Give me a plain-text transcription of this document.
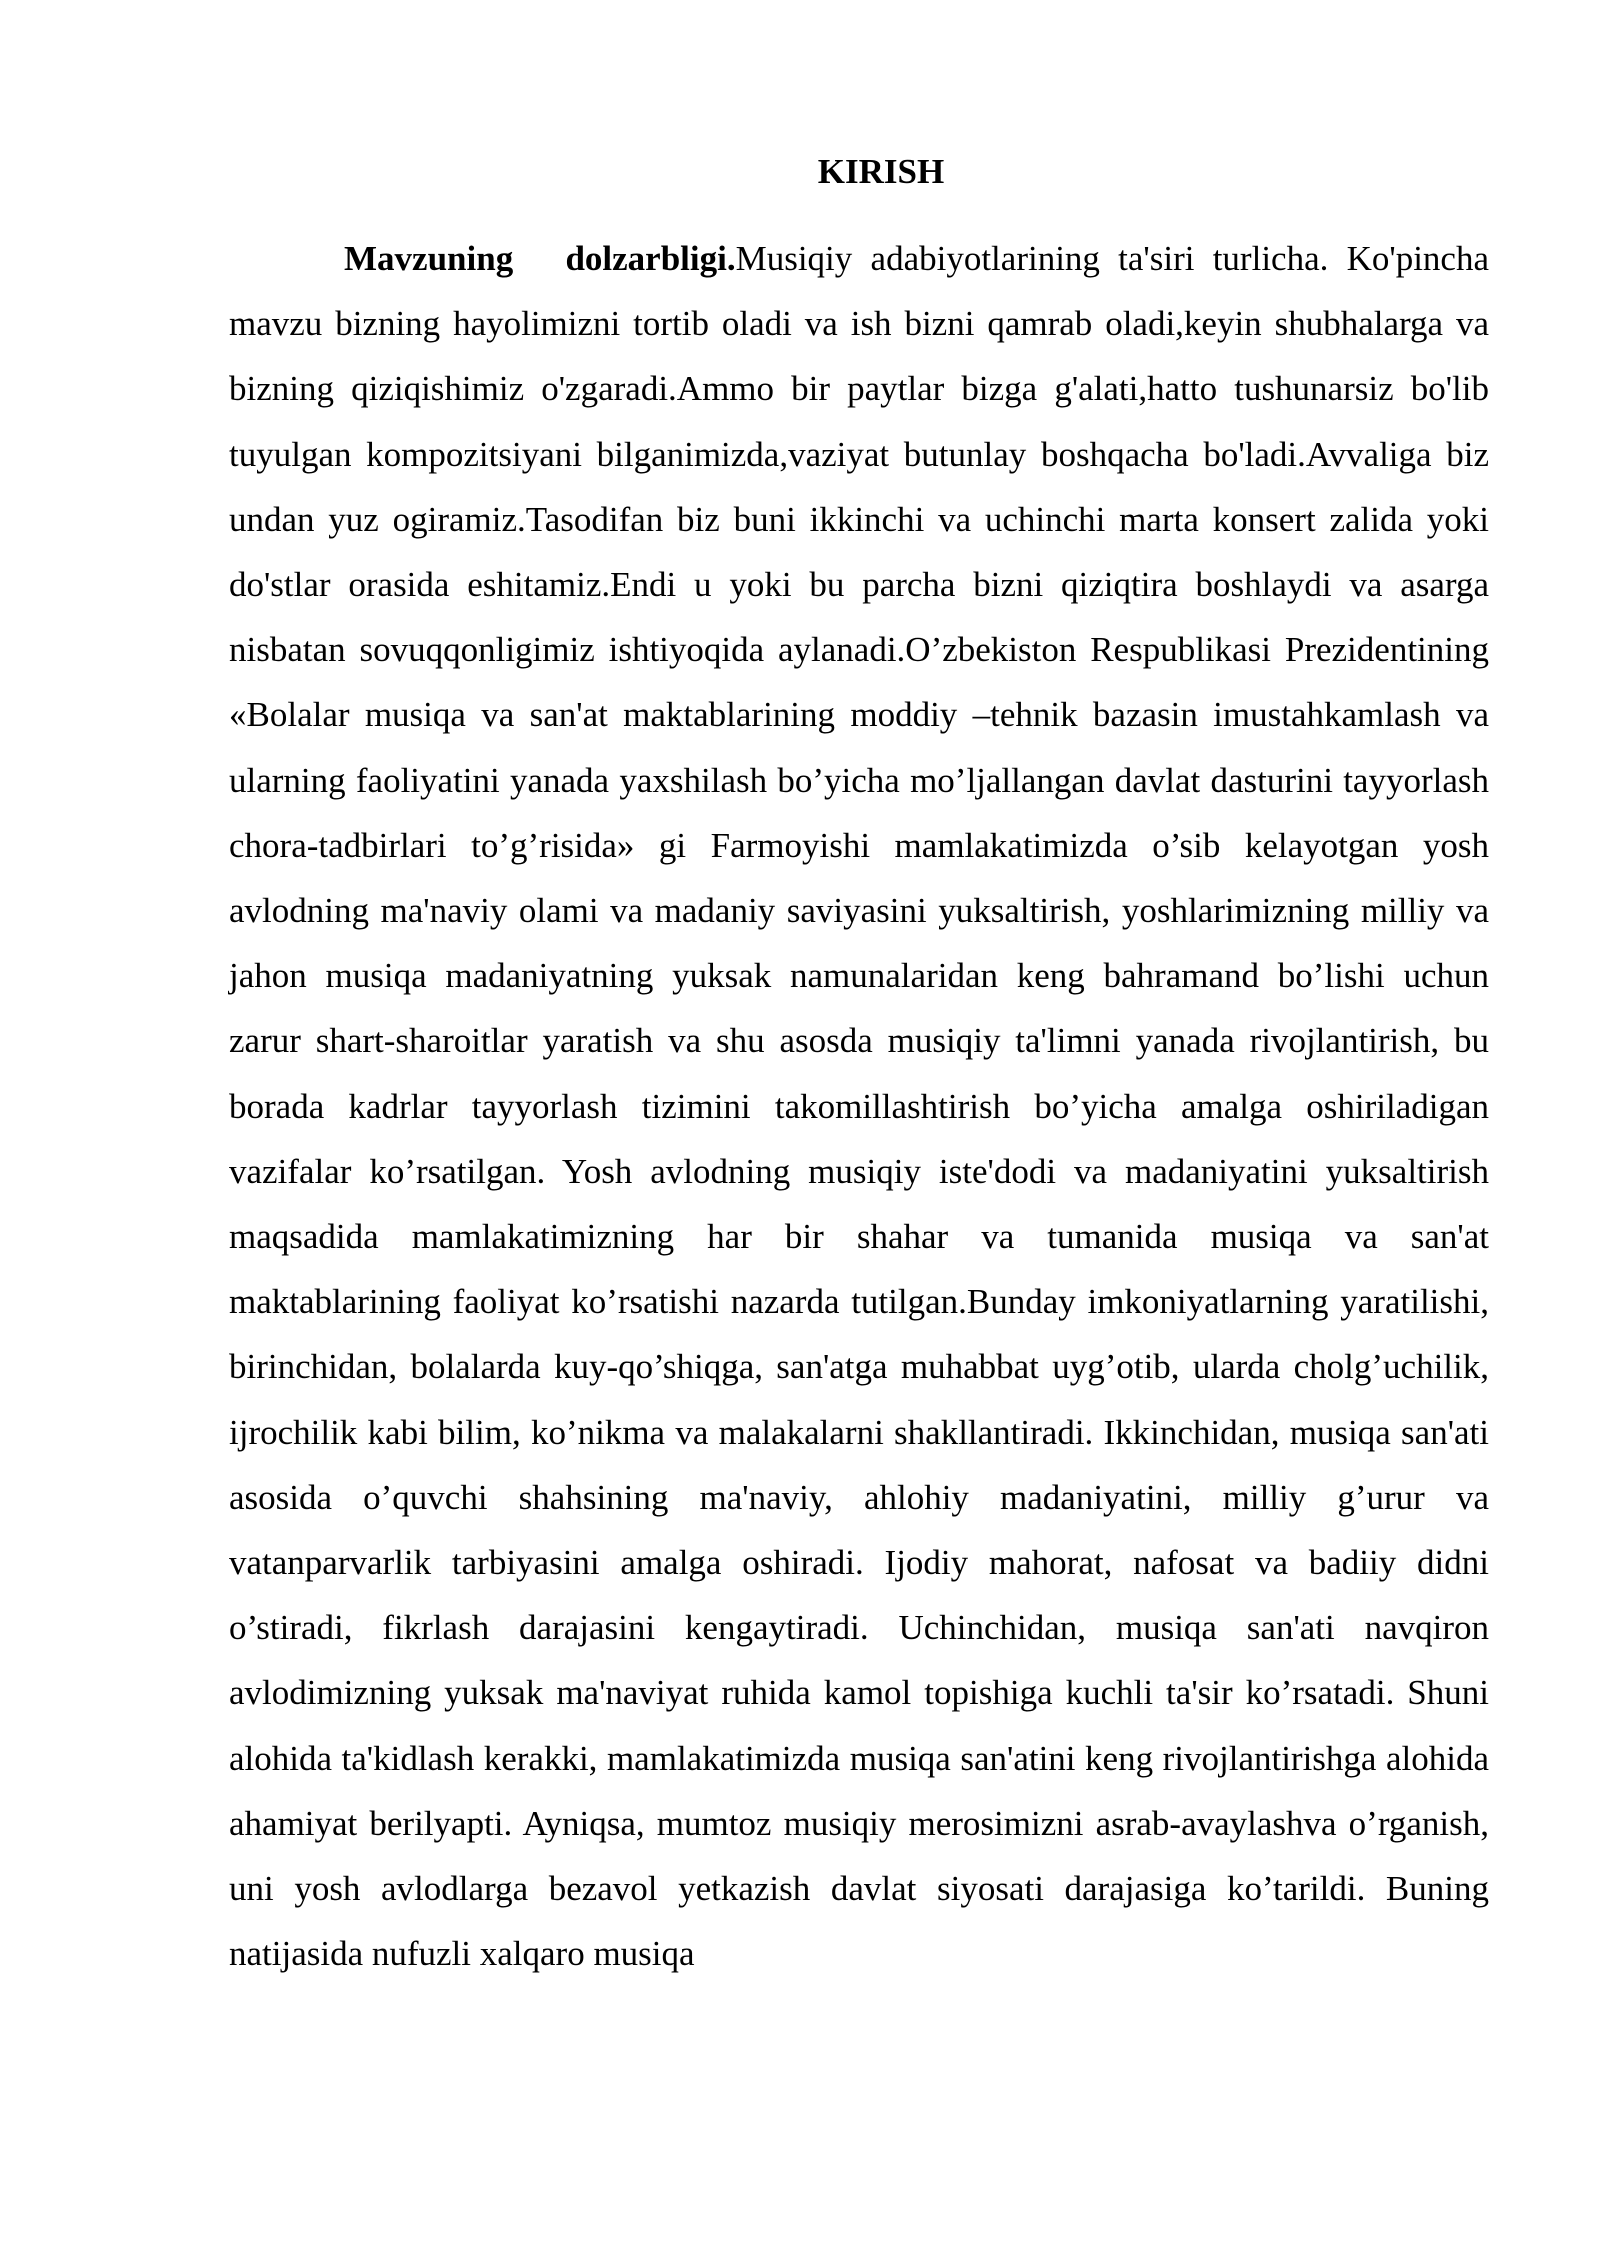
KIRISH

Mavzuning dolzarbligi.Musiqiy adabiyotlarining ta'siri turlicha. Ko'pincha mavzu bizning hayolimizni tortib oladi va ish bizni qamrab oladi,keyin shubhalarga va bizning qiziqishimiz o'zgaradi.Ammo bir paytlar bizga g'alati,hatto tushunarsiz bo'lib tuyulgan kompozitsiyani bilganimizda,vaziyat butunlay boshqacha bo'ladi.Avvaliga biz undan yuz ogiramiz.Tasodifan biz buni ikkinchi va uchinchi marta konsert zalida yoki do'stlar orasida eshitamiz.Endi u yoki bu parcha bizni qiziqtira boshlaydi va asarga nisbatan sovuqqonligimiz ishtiyoqida aylanadi.O’zbekiston Respublikasi Prezidentining «Bolalar musiqa va san'at maktablarining moddiy –tehnik bazasin imustahkamlash va ularning faoliyatini yanada yaxshilash bo’yicha mo’ljallangan davlat dasturini tayyorlash chora-tadbirlari to’g’risida» gi Farmoyishi mamlakatimizda o’sib kelayotgan yosh avlodning ma'naviy olami va madaniy saviyasini yuksaltirish, yoshlarimizning milliy va jahon musiqa madaniyatning yuksak namunalaridan keng bahramand bo’lishi uchun zarur shart-sharoitlar yaratish va shu asosda musiqiy ta'limni yanada rivojlantirish, bu borada kadrlar tayyorlash tizimini takomillashtirish bo’yicha amalga oshiriladigan vazifalar ko’rsatilgan. Yosh avlodning musiqiy iste'dodi va madaniyatini yuksaltirish maqsadida mamlakatimizning har bir shahar va tumanida musiqa va san'at maktablarining faoliyat ko’rsatishi nazarda tutilgan.Bunday imkoniyatlarning yaratilishi, birinchidan, bolalarda kuy-qo’shiqga, san'atga muhabbat uyg’otib, ularda cholg’uchilik, ijrochilik kabi bilim, ko’nikma va malakalarni shakllantiradi. Ikkinchidan, musiqa san'ati asosida o’quvchi shahsining ma'naviy, ahlohiy madaniyatini, milliy g’urur va vatanparvarlik tarbiyasini amalga oshiradi. Ijodiy mahorat, nafosat va badiiy didni o’stiradi, fikrlash darajasini kengaytiradi. Uchinchidan, musiqa san'ati navqiron avlodimizning yuksak ma'naviyat ruhida kamol topishiga kuchli ta'sir ko’rsatadi. Shuni alohida ta'kidlash kerakki, mamlakatimizda musiqa san'atini keng rivojlantirishga alohida ahamiyat berilyapti. Ayniqsa, mumtoz musiqiy merosimizni asrab-avaylashva o’rganish, uni yosh avlodlarga bezavol yetkazish davlat siyosati darajasiga ko’tarildi. Buning natijasida nufuzli xalqaro musiqa
